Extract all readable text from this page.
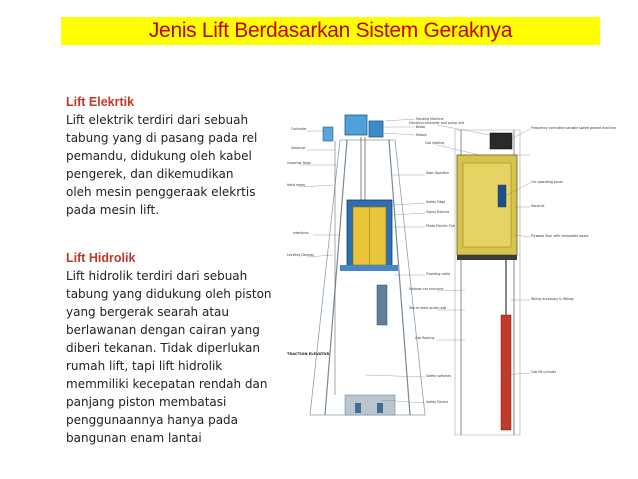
Jenis Lift Berdasarkan Sistem Geraknya
Lift Elekrtik

Lift elektrik terdiri dari sebuah
tabung yang di pasang pada rel
pemandu, didukung oleh kabel
pengerek, dan dikemudikan
oleh mesin penggeraak elekrtis
pada mesin lift.

Lift Hidrolik

Lift hidrolik terdiri dari sebuah
tabung yang didukung oleh piston
yang bergerak searah atau
berlawanan dengan cairan yang
diberi tekanan. Tidak diperlukan
rumah lift, tapi lift hidrolik
memmiliki kecepatan rendah dan
panjang piston membatasi
penggunaannya hanya pada
bangunan enam lantai

Hoisting Machine
Brake
Motors
Controller
Governor
Governor Rope
Hoist ropes
Door Operator
Safety Edge
Signal Fixtures
Photo Electric Eye
Interlocks
Leveling Devices
Traveling cable
Safety switches
Safety Device
TRACTION ELEVATOR
Electrical controller and pump unit
Cab lighting
Frequency controlled variable speed geared machine
Car operating panel
Handrail
Plywood floor with removable board
Modular car structure
Two or more guide rails
Wiring accessory & fittings
Cab lift cylinder
Cab flooring
